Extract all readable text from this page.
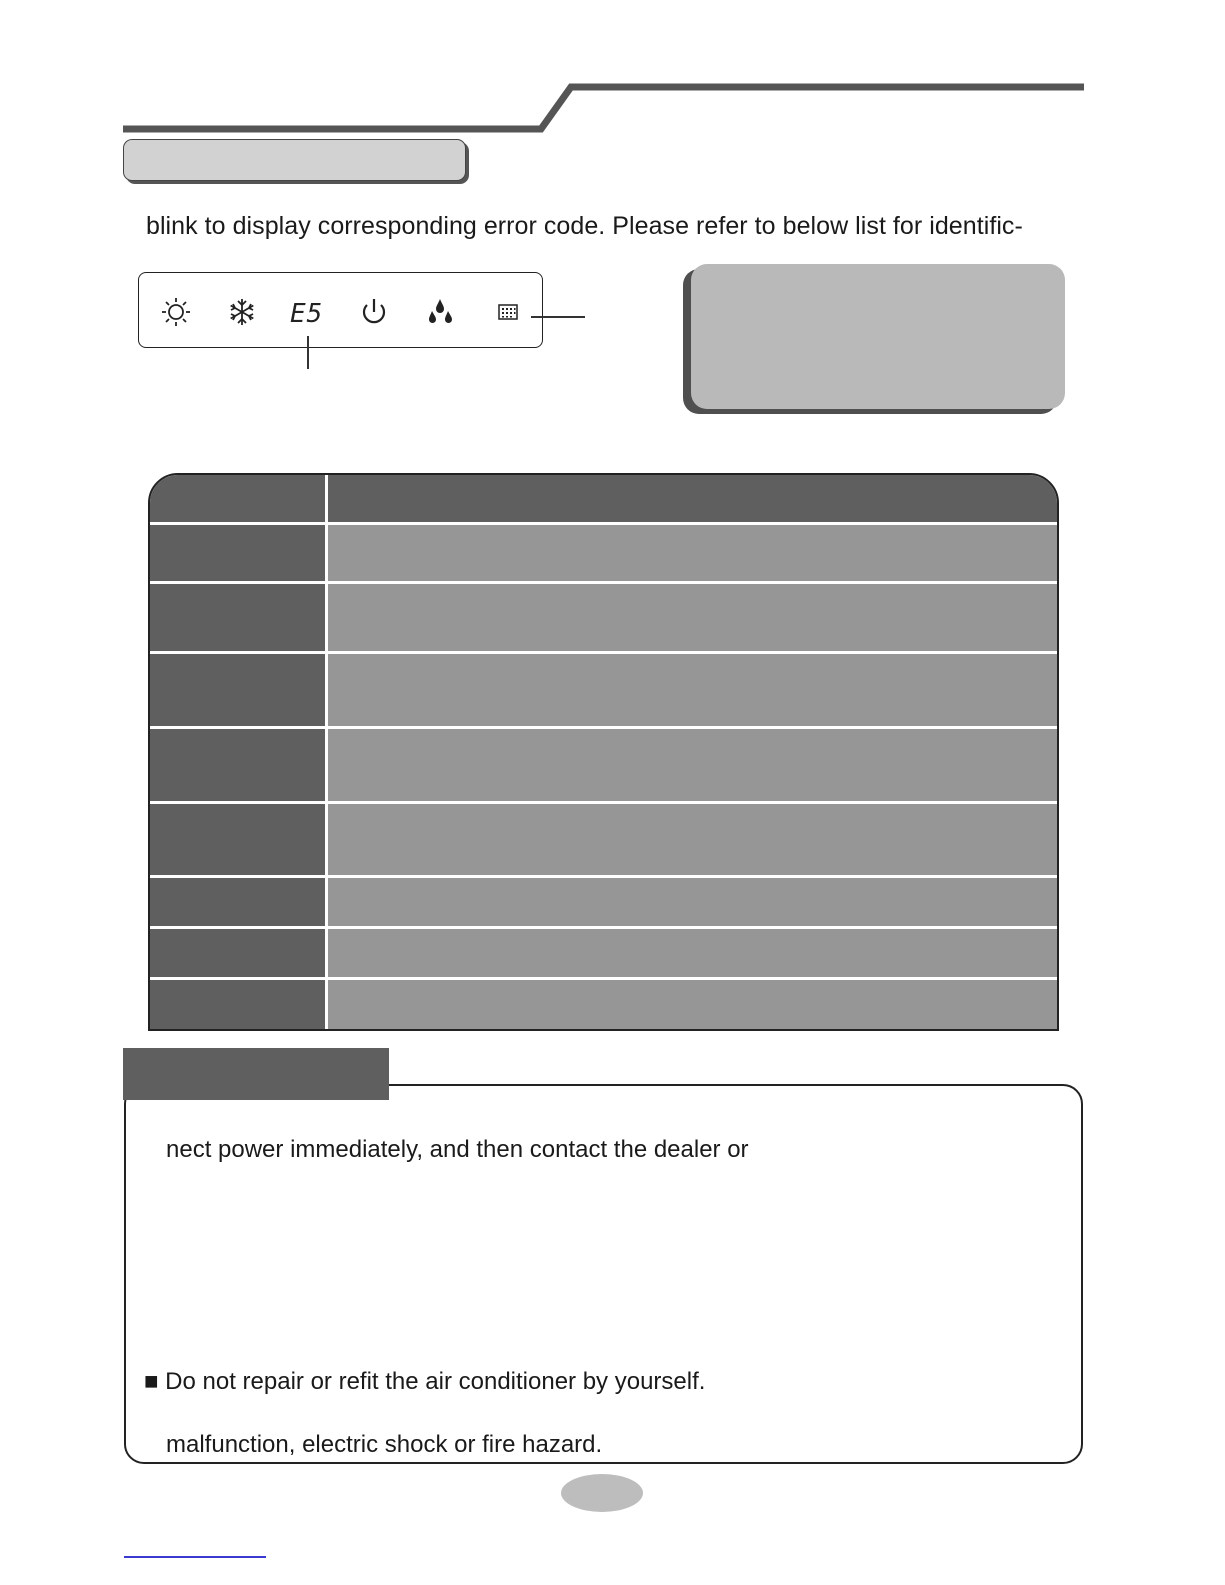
blink to display corresponding error code. Please refer to below list for identific-
E5
nect power immediately, and then contact the dealer or
■ Do not repair or refit the air conditioner by yourself.
malfunction, electric shock or fire hazard.
